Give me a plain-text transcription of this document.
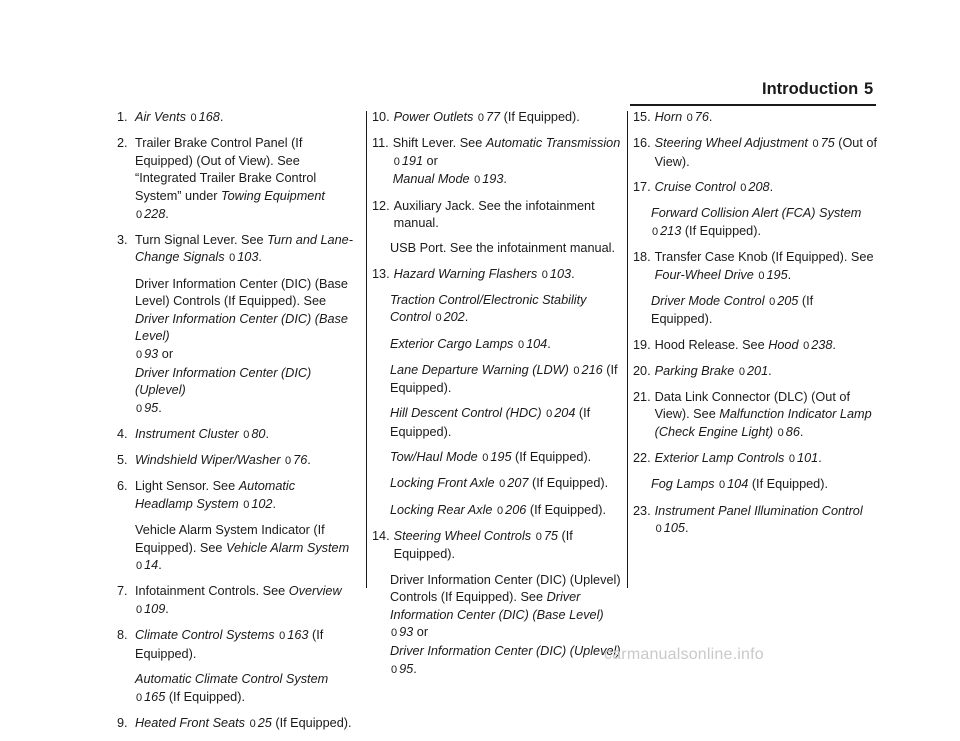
Introduction 5
1. Air Vents 0 168.
2. Trailer Brake Control Panel (If Equipped) (Out of View). See “Integrated Trailer Brake Control System” under Towing Equipment 0 228.
3. Turn Signal Lever. See Turn and Lane-Change Signals 0 103.
Driver Information Center (DIC) (Base Level) Controls (If Equipped). See Driver Information Center (DIC) (Base Level)
0 93 or
Driver Information Center (DIC) (Uplevel)
0 95.
4. Instrument Cluster 0 80.
5. Windshield Wiper/Washer 0 76.
6. Light Sensor. See Automatic Headlamp System 0 102.
Vehicle Alarm System Indicator (If Equipped). See Vehicle Alarm System
0 14.
7. Infotainment Controls. See Overview
0 109.
8. Climate Control Systems 0 163 (If Equipped).
Automatic Climate Control System 0 165 (If Equipped).
9. Heated Front Seats 0 25 (If Equipped).
10. Power Outlets 0 77 (If Equipped).
11. Shift Lever. See Automatic Transmission
0 191 or
Manual Mode 0 193.
12. Auxiliary Jack. See the infotainment manual.
USB Port. See the infotainment manual.
13. Hazard Warning Flashers 0 103.
Traction Control/Electronic Stability Control 0 202.
Exterior Cargo Lamps 0 104.
Lane Departure Warning (LDW) 0 216 (If Equipped).
Hill Descent Control (HDC) 0 204 (If Equipped).
Tow/Haul Mode 0 195 (If Equipped).
Locking Front Axle 0 207 (If Equipped).
Locking Rear Axle 0 206 (If Equipped).
14. Steering Wheel Controls 0 75 (If Equipped).
Driver Information Center (DIC) (Uplevel) Controls (If Equipped). See Driver Information Center (DIC) (Base Level)
0 93 or
Driver Information Center (DIC) (Uplevel)
0 95.
15. Horn 0 76.
16. Steering Wheel Adjustment 0 75 (Out of View).
17. Cruise Control 0 208.
Forward Collision Alert (FCA) System
0 213 (If Equipped).
18. Transfer Case Knob (If Equipped). See Four-Wheel Drive 0 195.
Driver Mode Control 0 205 (If Equipped).
19. Hood Release. See Hood 0 238.
20. Parking Brake 0 201.
21. Data Link Connector (DLC) (Out of View). See Malfunction Indicator Lamp (Check Engine Light) 0 86.
22. Exterior Lamp Controls 0 101.
Fog Lamps 0 104 (If Equipped).
23. Instrument Panel Illumination Control
0 105.
carmanualsonline.info
